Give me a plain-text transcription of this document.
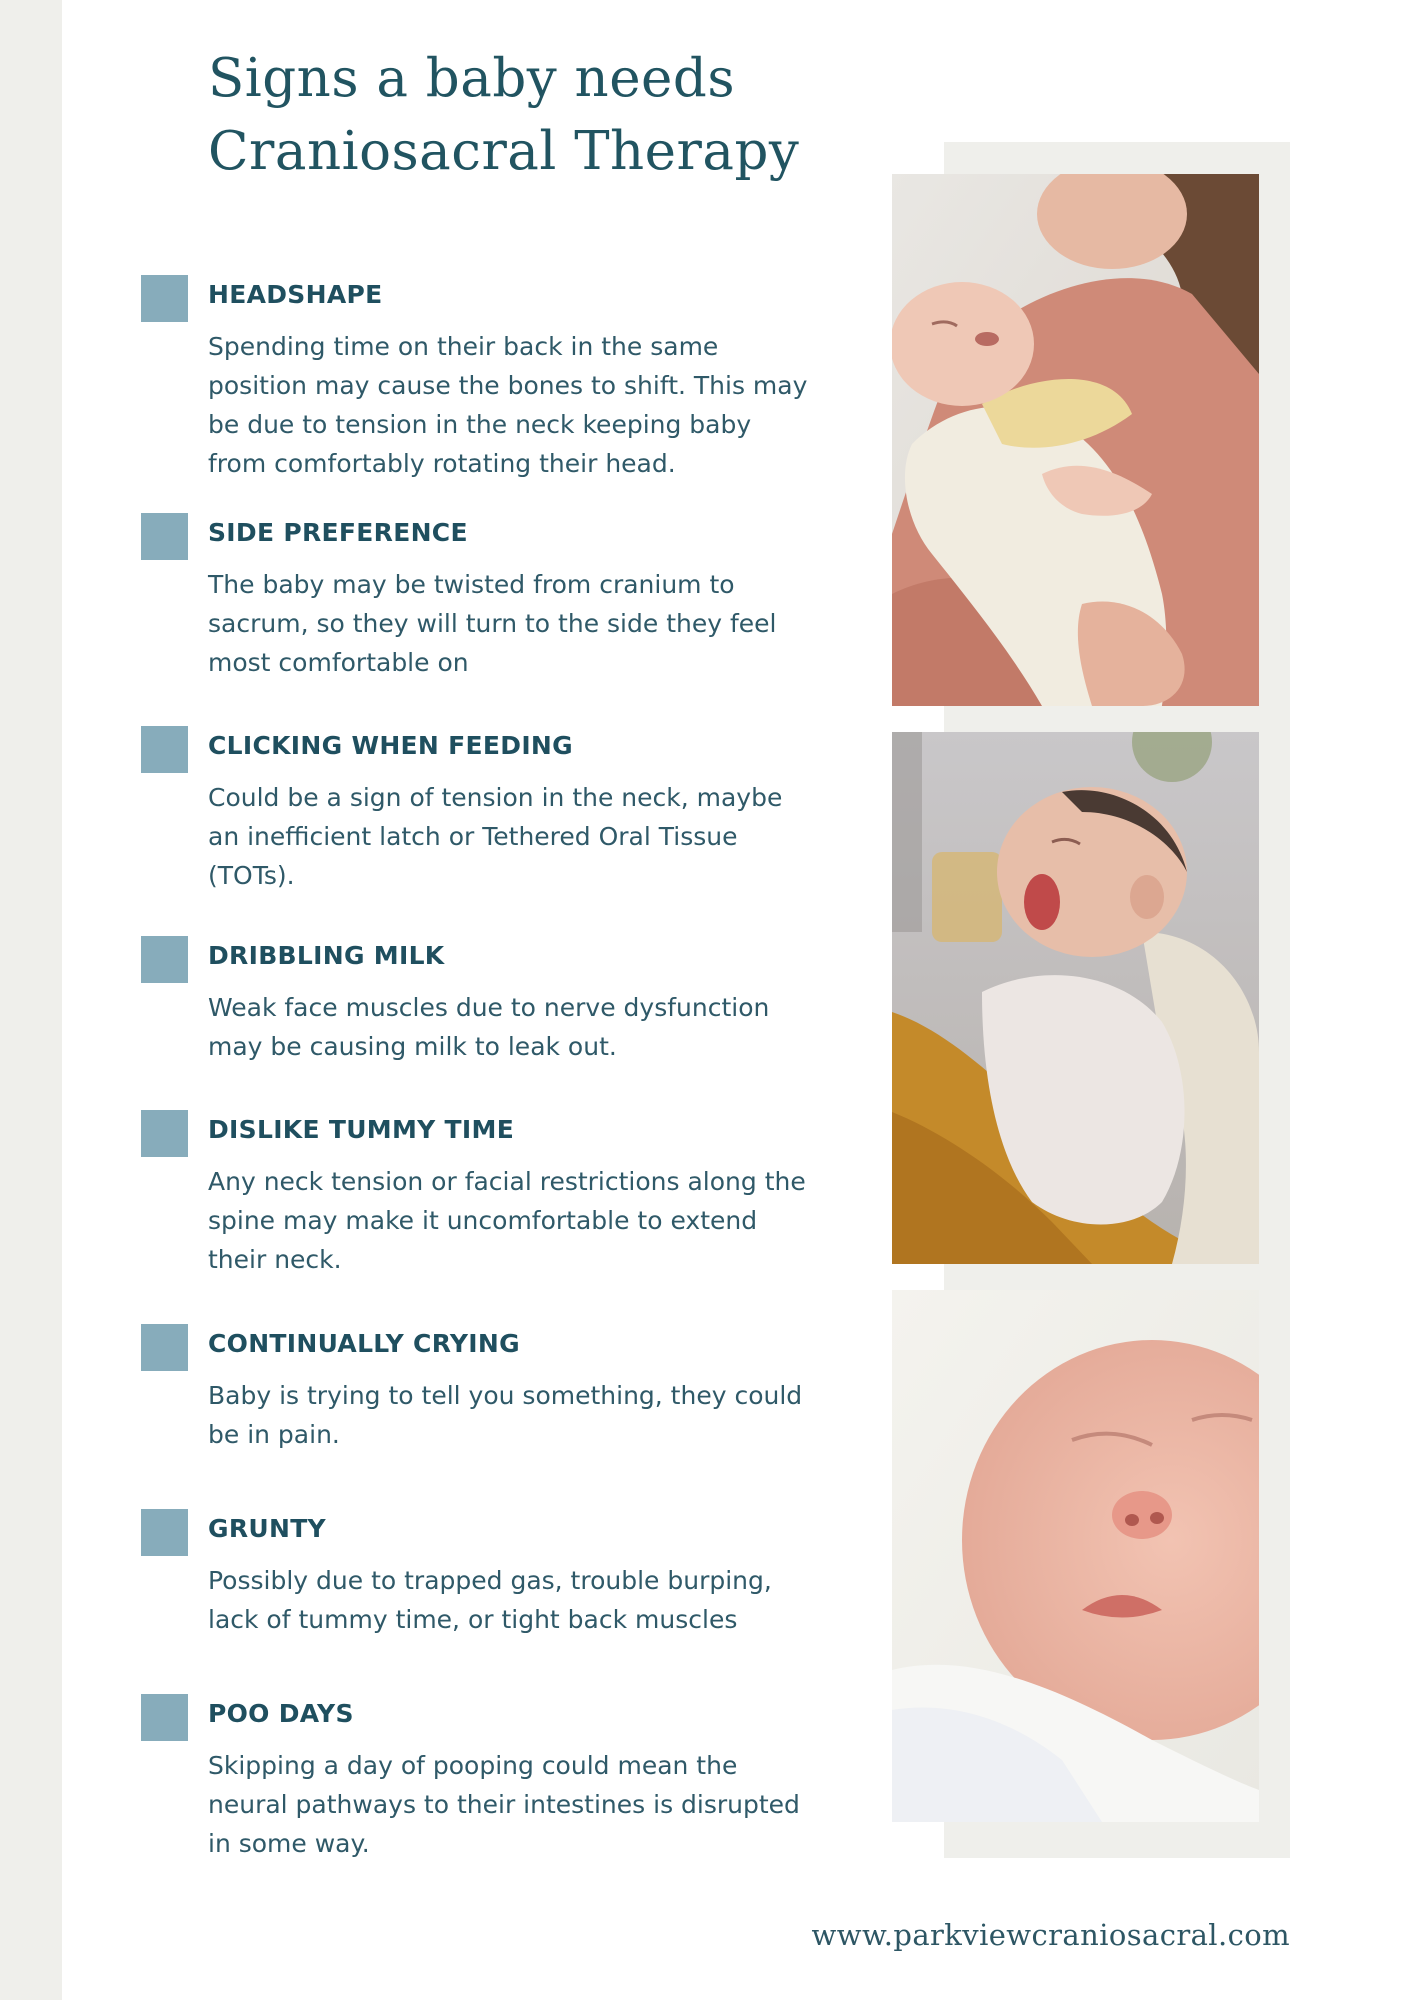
Signs a baby needs
Craniosacral Therapy
HEADSHAPE

Spending time on their back in the same position may cause the bones to shift. This may be due to tension in the neck keeping baby from comfortably rotating their head.

SIDE PREFERENCE

The baby may be twisted from cranium to sacrum, so they will turn to the side they feel most comfortable on

CLICKING WHEN FEEDING

Could be a sign of tension in the neck, maybe an inefficient latch or Tethered Oral Tissue (TOTs).

DRIBBLING MILK

Weak face muscles due to nerve dysfunction may be causing milk to leak out.

DISLIKE TUMMY TIME

Any neck tension or facial restrictions along the spine may make it uncomfortable to extend their neck.

CONTINUALLY CRYING

Baby is trying to tell you something, they could be in pain.

GRUNTY

Possibly due to trapped gas, trouble burping, lack of tummy time, or tight back muscles

POO DAYS

Skipping a day of pooping could mean the neural pathways to their intestines is disrupted in some way.

www.parkviewcraniosacral.com
